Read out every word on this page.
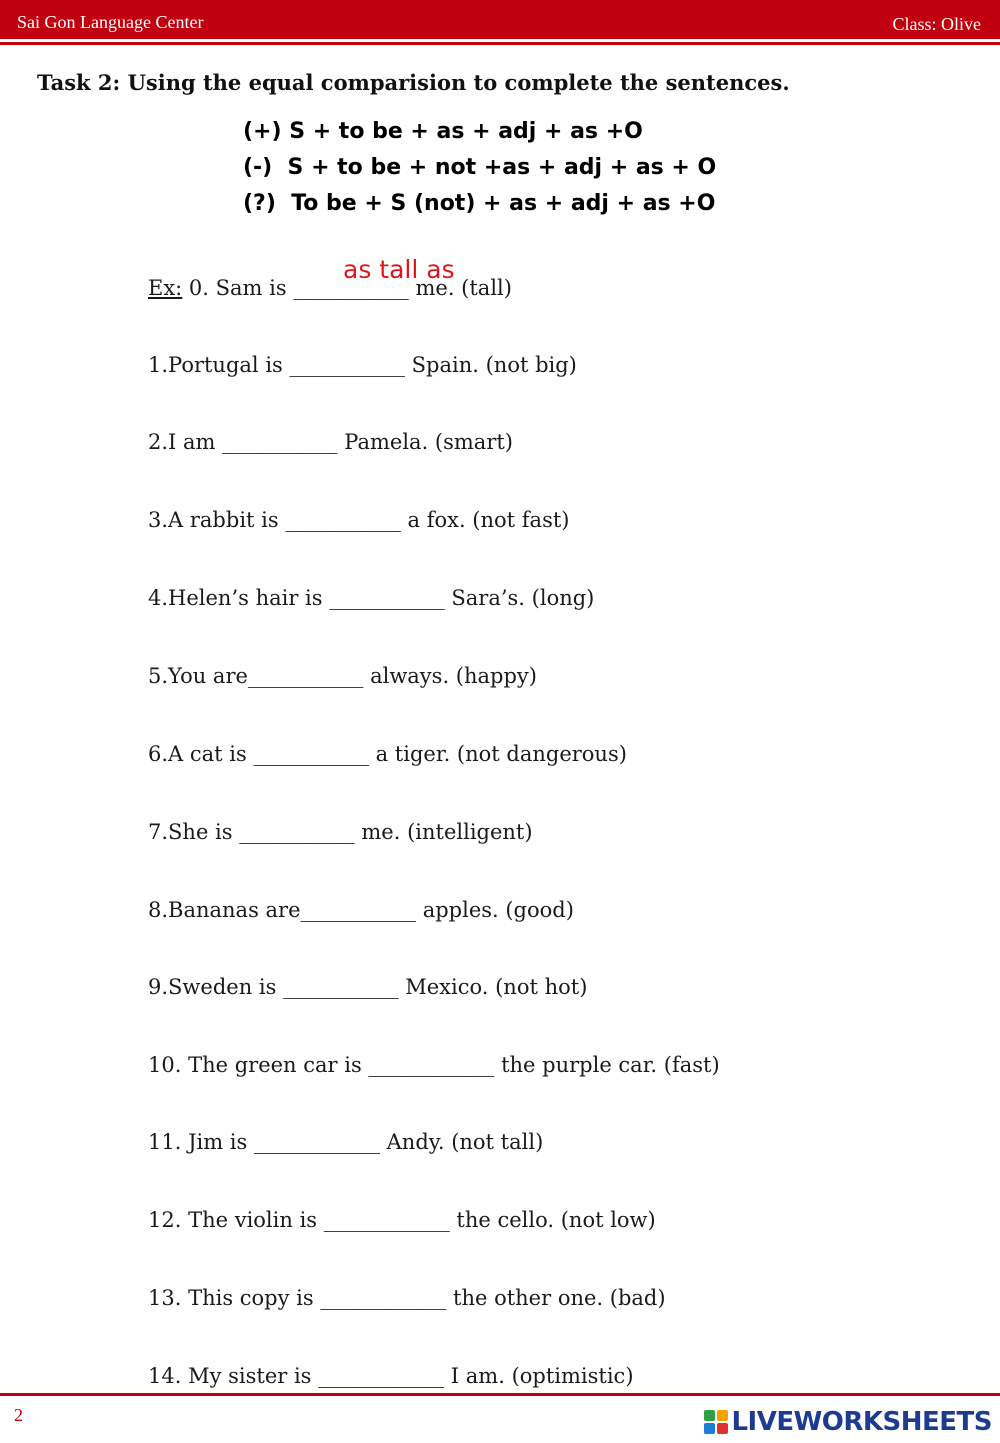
Sai Gon Language Center	Class: Olive
Task 2: Using the equal comparision to complete the sentences.
(+) S + to be + as + adj + as +O
(-)  S + to be + not +as + adj + as + O
(?)  To be + S (not) + as + adj + as +O
as tall as
Ex: 0. Sam is ___________ me. (tall)
1.Portugal is ___________ Spain. (not big)
2.I am ___________ Pamela. (smart)
3.A rabbit is ___________ a fox. (not fast)
4.Helen’s hair is ___________ Sara’s. (long)
5.You are___________ always. (happy)
6.A cat is ___________ a tiger. (not dangerous)
7.She is ___________ me. (intelligent)
8.Bananas are___________ apples. (good)
9.Sweden is ___________ Mexico. (not hot)
10. The green car is ____________ the purple car. (fast)
11. Jim is ____________ Andy. (not tall)
12. The violin is ____________ the cello. (not low)
13. This copy is ____________ the other one. (bad)
14. My sister is ____________ I am. (optimistic)
2	LIVEWORKSHEETS
